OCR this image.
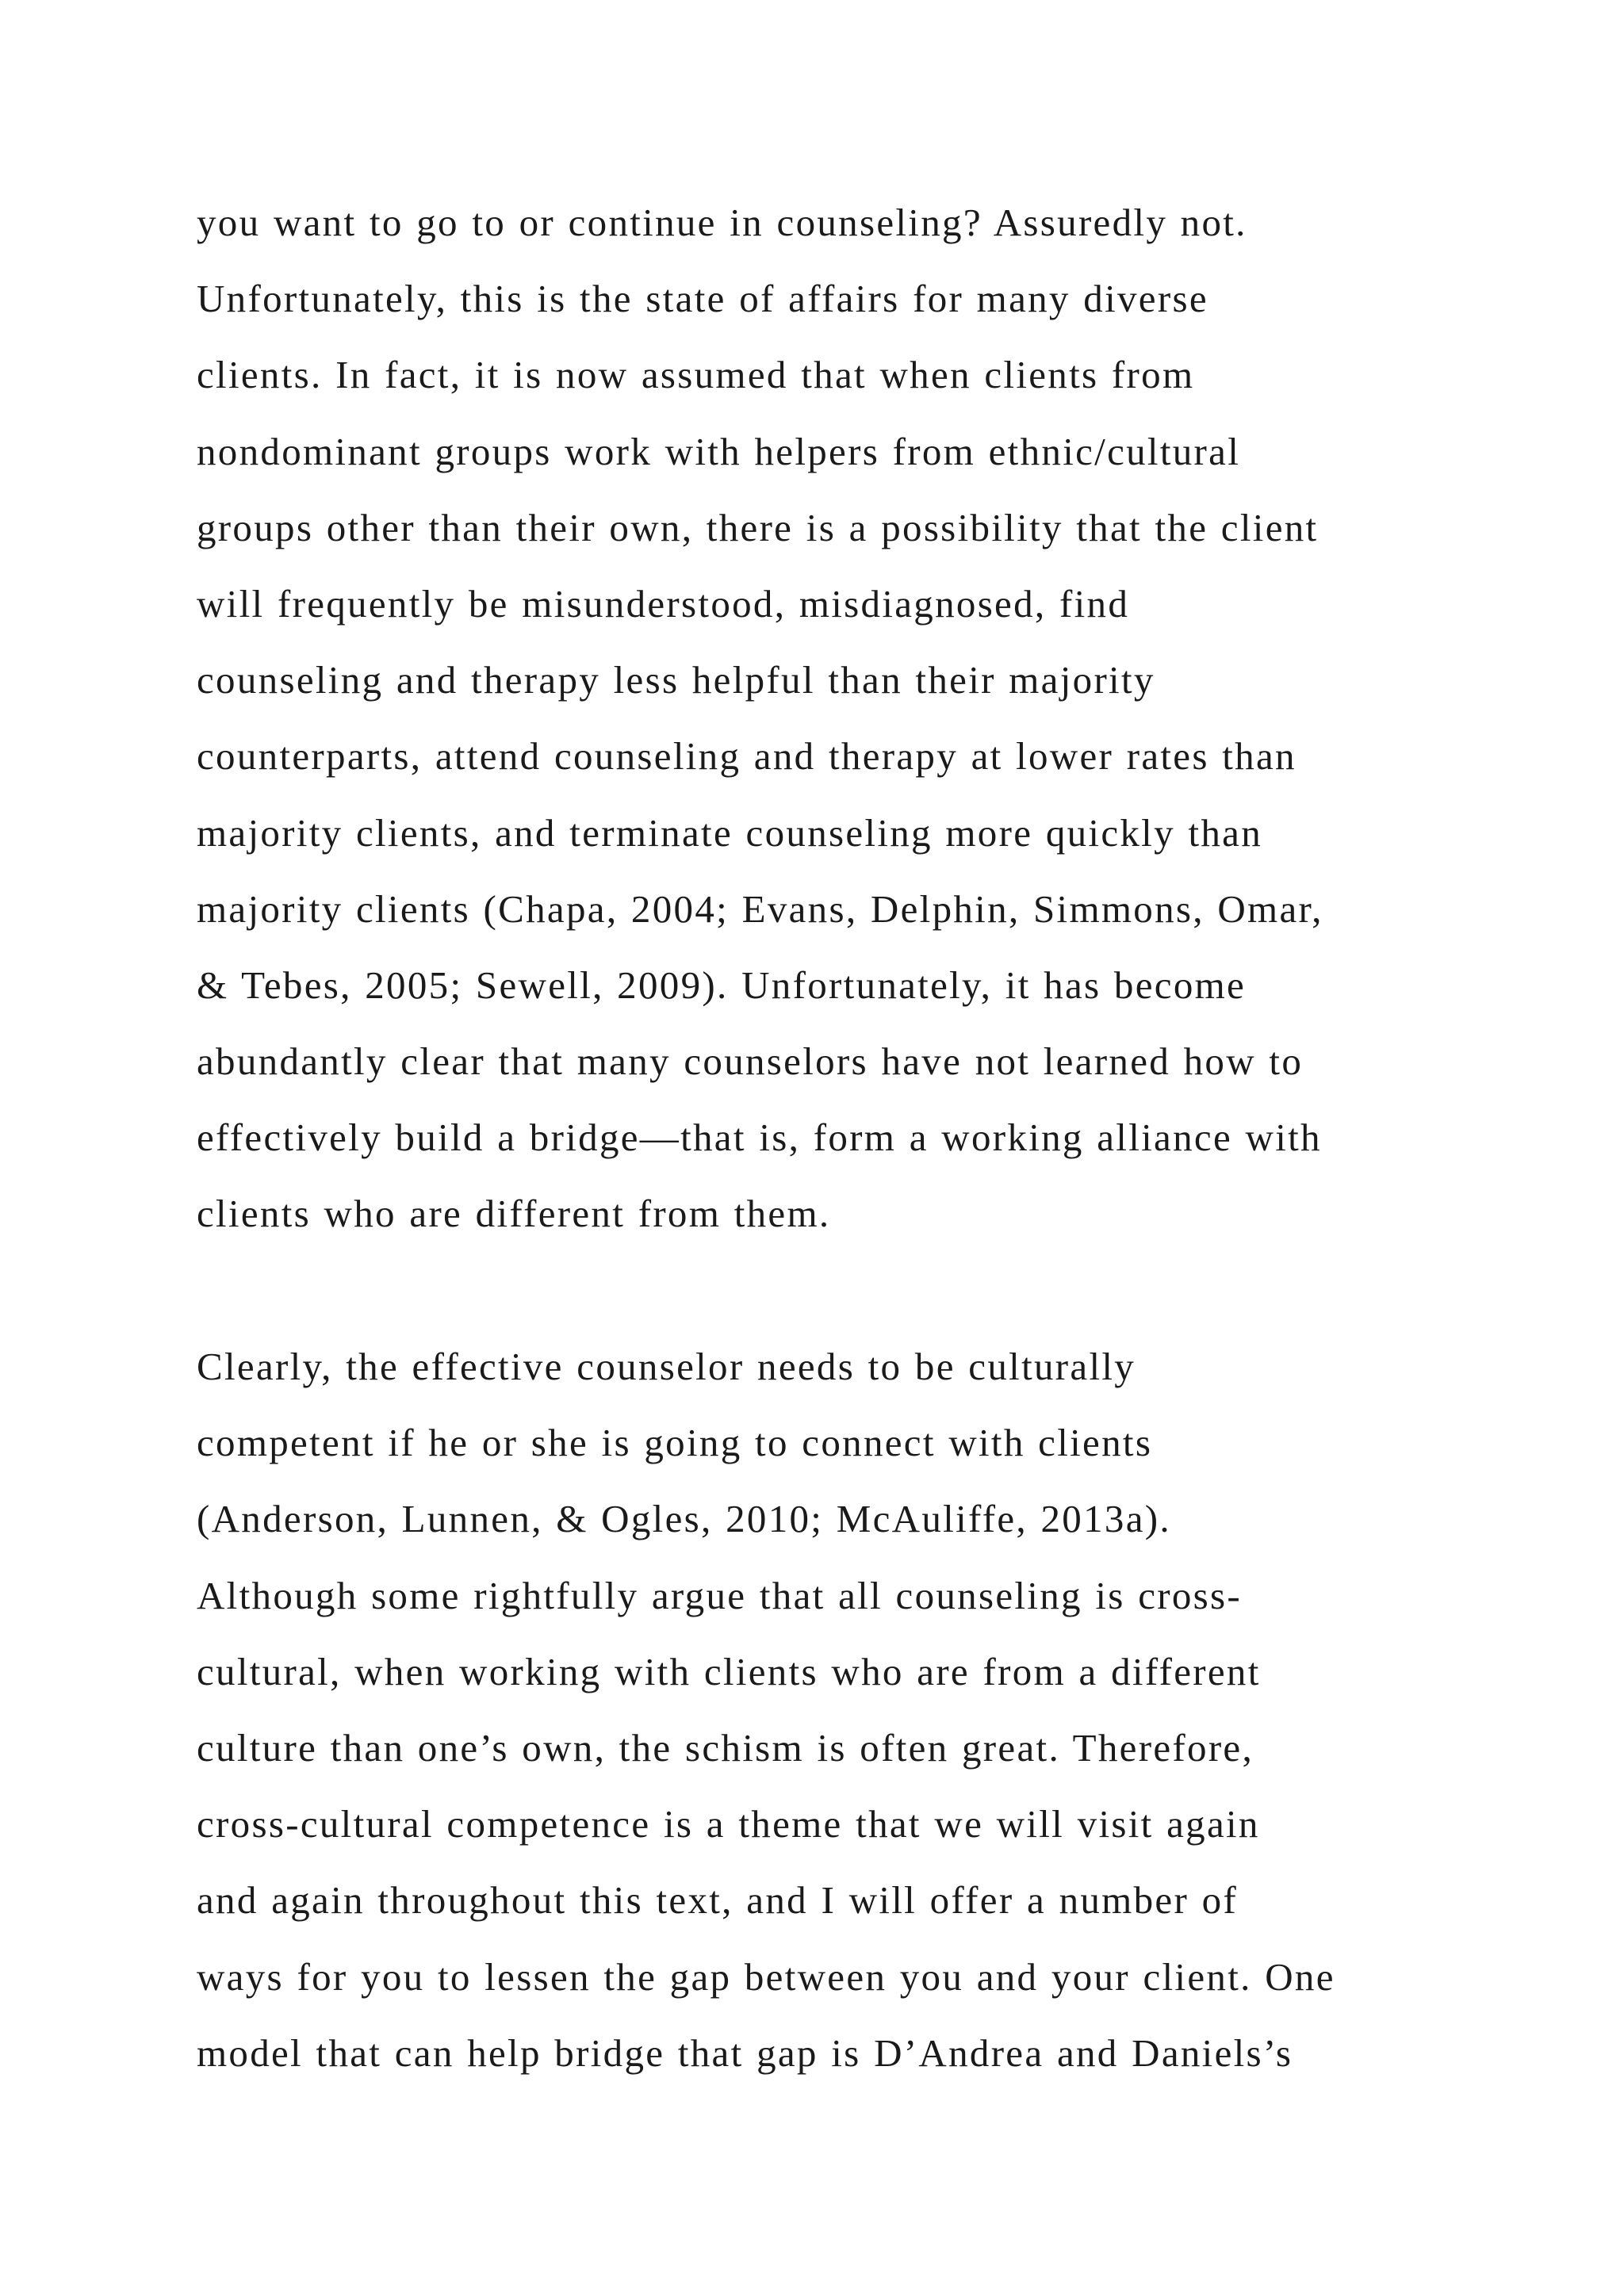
you want to go to or continue in counseling? Assuredly not.
Unfortunately, this is the state of affairs for many diverse
clients. In fact, it is now assumed that when clients from
nondominant groups work with helpers from ethnic/cultural
groups other than their own, there is a possibility that the client
will frequently be misunderstood, misdiagnosed, find
counseling and therapy less helpful than their majority
counterparts, attend counseling and therapy at lower rates than
majority clients, and terminate counseling more quickly than
majority clients (Chapa, 2004; Evans, Delphin, Simmons, Omar,
& Tebes, 2005; Sewell, 2009). Unfortunately, it has become
abundantly clear that many counselors have not learned how to
effectively build a bridge—that is, form a working alliance with
clients who are different from them.
Clearly, the effective counselor needs to be culturally
competent if he or she is going to connect with clients
(Anderson, Lunnen, & Ogles, 2010; McAuliffe, 2013a).
Although some rightfully argue that all counseling is cross-
cultural, when working with clients who are from a different
culture than one’s own, the schism is often great. Therefore,
cross-cultural competence is a theme that we will visit again
and again throughout this text, and I will offer a number of
ways for you to lessen the gap between you and your client. One
model that can help bridge that gap is D’Andrea and Daniels’s
